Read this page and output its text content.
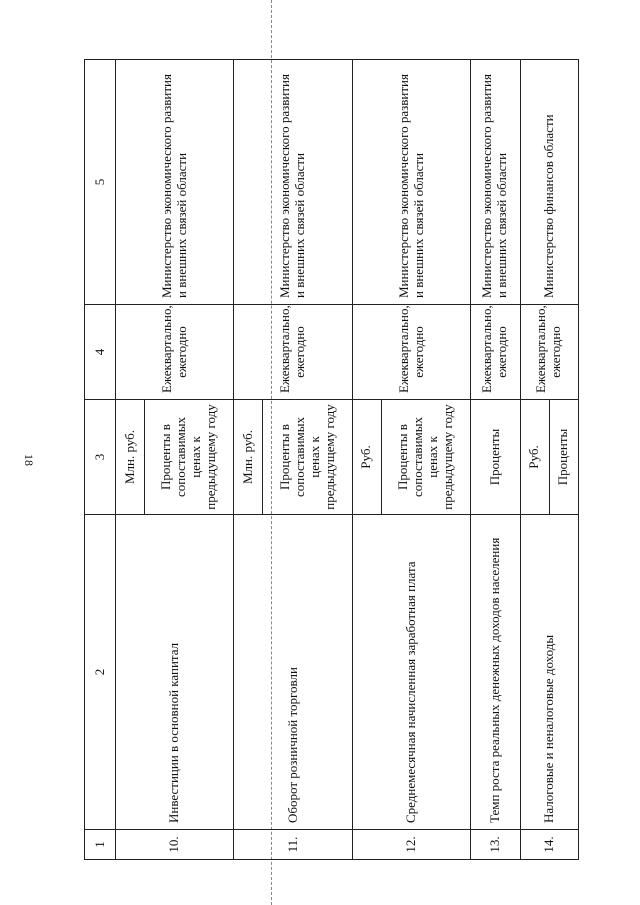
18
1	2	3	4	5
10.	Инвестиции в основной капитал	Млн. руб.	Ежеквартально, ежегодно	Министерство экономического развития и внешних связей области
		Проценты в сопоставимых ценах к предыдущему году		
11.	Оборот розничной торговли	Млн. руб.	Ежеквартально, ежегодно	Министерство экономического развития и внешних связей области
		Проценты в сопоставимых ценах к предыдущему году		
12.	Среднемесячная начисленная заработная плата	Руб.	Ежеквартально, ежегодно	Министерство экономического развития и внешних связей области
		Проценты в сопоставимых ценах к предыдущему году		
13.	Темп роста реальных денежных доходов населения	Проценты	Ежеквартально, ежегодно	Министерство экономического развития и внешних связей области
14.	Налоговые и неналоговые доходы	Руб.	Ежеквартально, ежегодно	Министерство финансов области
		Проценты		
